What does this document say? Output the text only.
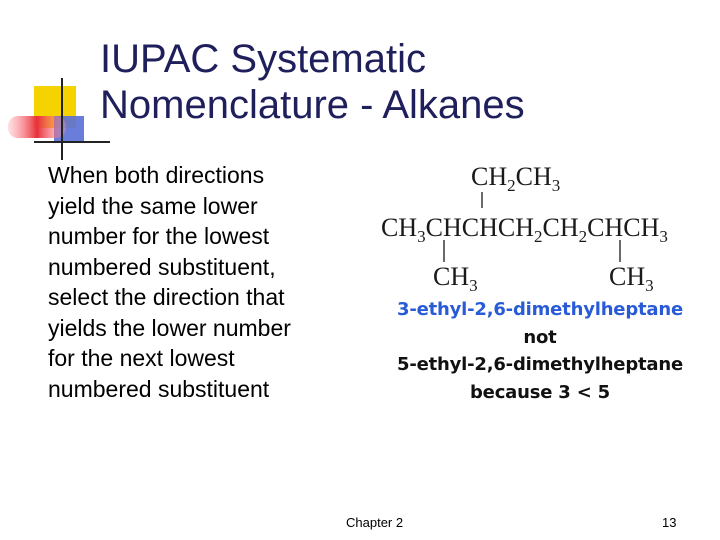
IUPAC Systematic
Nomenclature - Alkanes
When both directions
yield the same lower
number for the lowest
numbered substituent,
select the direction that
yields the lower number
for the next lowest
numbered substituent
$CH_2CH_3$
$CH_3CHCHCH_2CH_2CHCH_3$
$CH_3$	$CH_3$
3-ethyl-2,6-dimethylheptane
not
5-ethyl-2,6-dimethylheptane
because 3 < 5
Chapter 2	13
